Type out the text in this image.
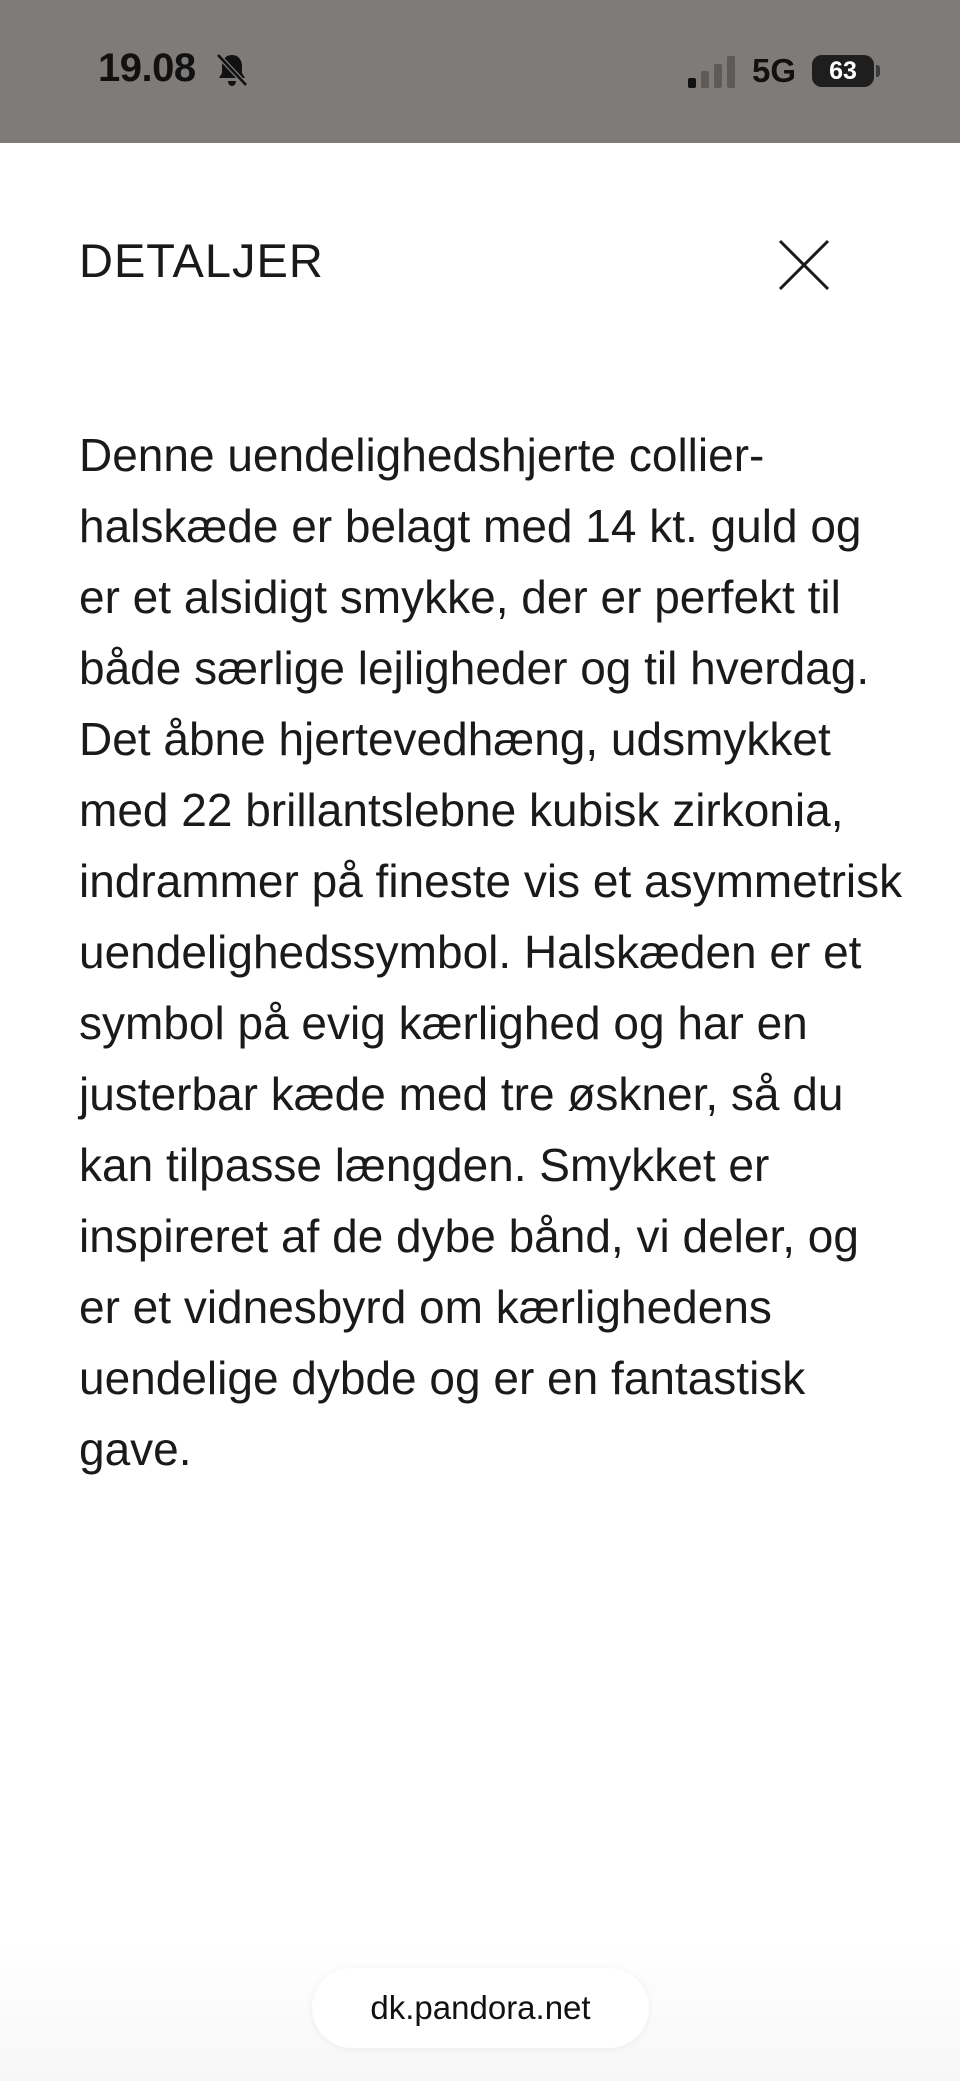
19.08	5G	63
DETALJER

Denne uendelighedshjerte collier-halskæde er belagt med 14 kt. guld og er et alsidigt smykke, der er perfekt til både særlige lejligheder og til hverdag. Det åbne hjertevedhæng, udsmykket med 22 brillantslebne kubisk zirkonia, indrammer på fineste vis et asymmetrisk uendelighedssymbol. Halskæden er et symbol på evig kærlighed og har en justerbar kæde med tre øskner, så du kan tilpasse længden. Smykket er inspireret af de dybe bånd, vi deler, og er et vidnesbyrd om kærlighedens uendelige dybde og er en fantastisk gave.

dk.pandora.net
